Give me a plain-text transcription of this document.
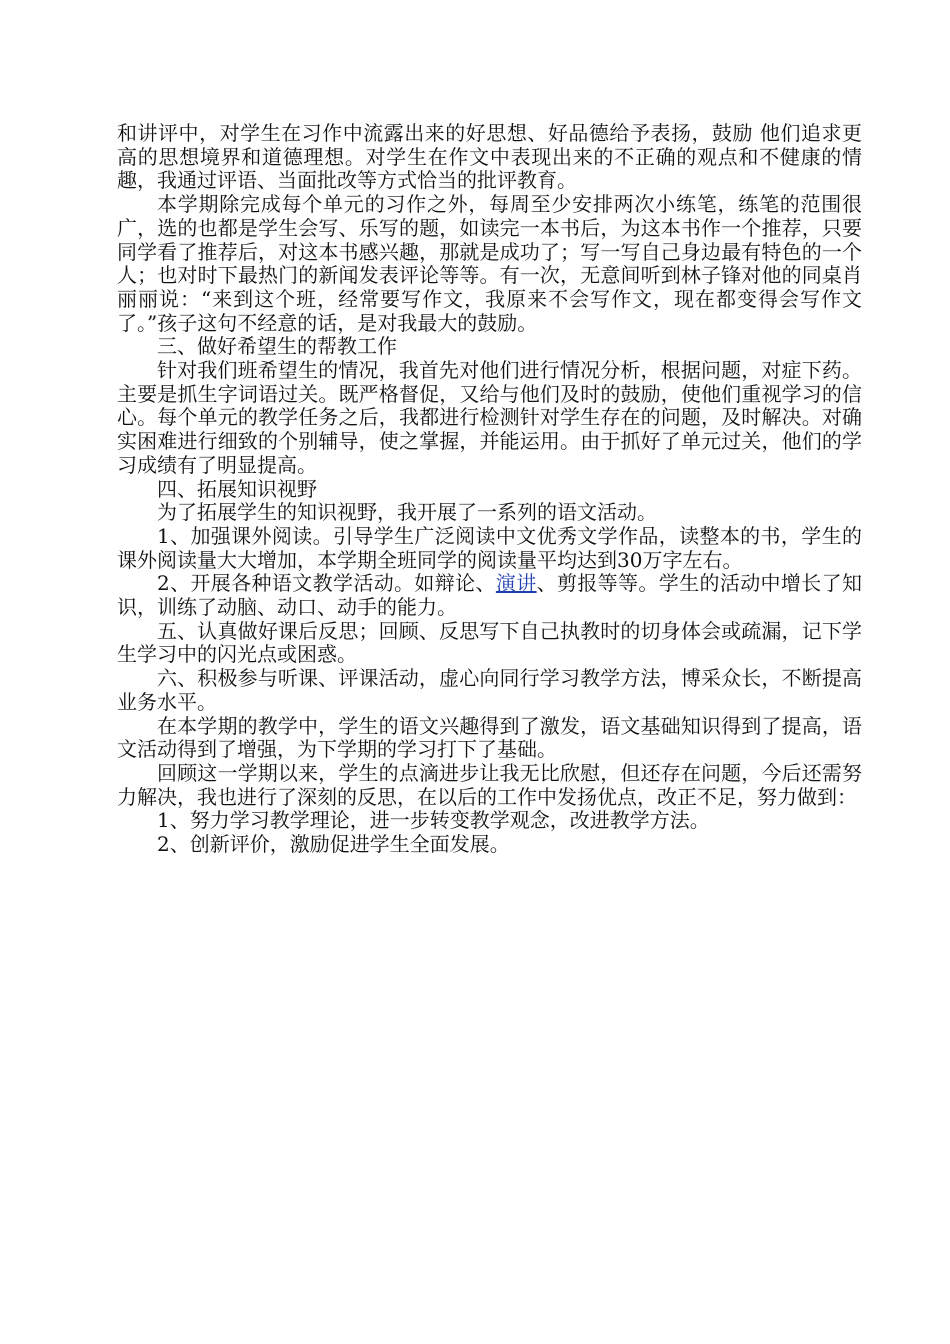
和讲评中，对学生在习作中流露出来的好思想、好品德给予表扬，鼓励 他们追求更高的思想境界和道德理想。对学生在作文中表现出来的不正确的观点和不健康的情趣，我通过评语、当面批改等方式恰当的批评教育。

本学期除完成每个单元的习作之外，每周至少安排两次小练笔，练笔的范围很广，选的也都是学生会写、乐写的题，如读完一本书后，为这本书作一个推荐，只要同学看了推荐后，对这本书感兴趣，那就是成功了；写一写自己身边最有特色的一个人；也对时下最热门的新闻发表评论等等。有一次，无意间听到林子锋对他的同桌肖丽丽说：“来到这个班，经常要写作文，我原来不会写作文，现在都变得会写作文了。”孩子这句不经意的话，是对我最大的鼓励。

三、做好希望生的帮教工作

针对我们班希望生的情况，我首先对他们进行情况分析，根据问题，对症下药。主要是抓生字词语过关。既严格督促，又给与他们及时的鼓励，使他们重视学习的信心。每个单元的教学任务之后，我都进行检测针对学生存在的问题，及时解决。对确实困难进行细致的个别辅导，使之掌握，并能运用。由于抓好了单元过关，他们的学习成绩有了明显提高。

四、拓展知识视野

为了拓展学生的知识视野，我开展了一系列的语文活动。

1、加强课外阅读。引导学生广泛阅读中文优秀文学作品，读整本的书，学生的课外阅读量大大增加，本学期全班同学的阅读量平均达到30万字左右。

2、开展各种语文教学活动。如辩论、演讲、剪报等等。学生的活动中增长了知识，训练了动脑、动口、动手的能力。

五、认真做好课后反思；回顾、反思写下自己执教时的切身体会或疏漏，记下学生学习中的闪光点或困惑。

六、积极参与听课、评课活动，虚心向同行学习教学方法，博采众长，不断提高业务水平。

在本学期的教学中，学生的语文兴趣得到了激发，语文基础知识得到了提高，语文活动得到了增强，为下学期的学习打下了基础。

回顾这一学期以来，学生的点滴进步让我无比欣慰，但还存在问题，今后还需努力解决，我也进行了深刻的反思，在以后的工作中发扬优点，改正不足，努力做到：

1、努力学习教学理论，进一步转变教学观念，改进教学方法。

2、创新评价，激励促进学生全面发展。
